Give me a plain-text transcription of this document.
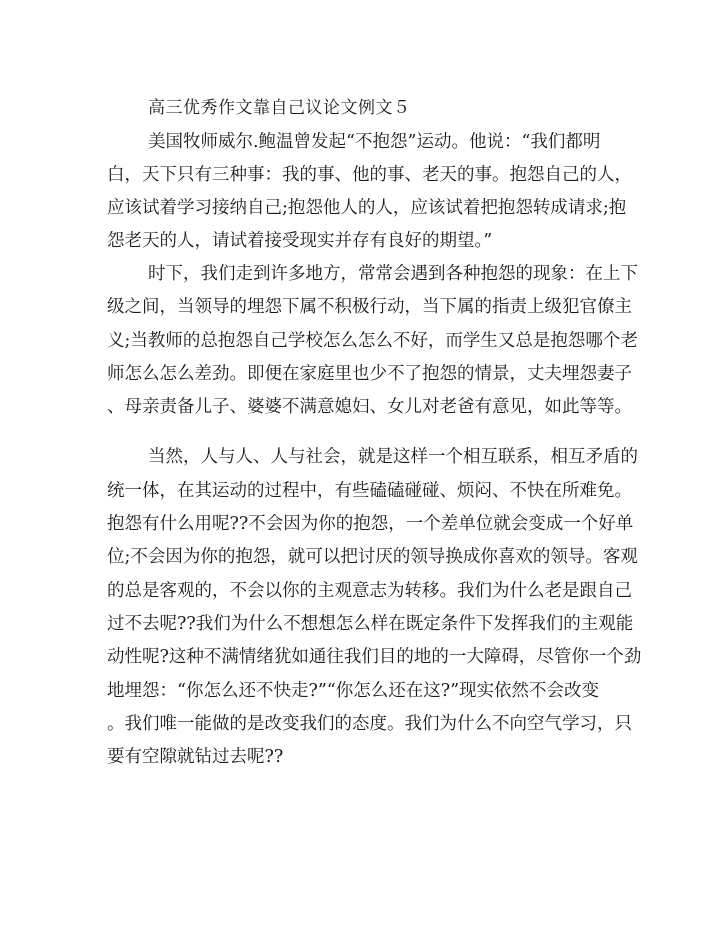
高三优秀作文靠自己议论文例文５
美国牧师威尔.鲍温曾发起“不抱怨”运动。他说：“我们都明
白，天下只有三种事：我的事、他的事、老天的事。抱怨自己的人，
应该试着学习接纳自己;抱怨他人的人，应该试着把抱怨转成请求;抱
怨老天的人，请试着接受现实并存有良好的期望。”
时下，我们走到许多地方，常常会遇到各种抱怨的现象：在上下
级之间，当领导的埋怨下属不积极行动，当下属的指责上级犯官僚主
义;当教师的总抱怨自己学校怎么怎么不好，而学生又总是抱怨哪个老
师怎么怎么差劲。即便在家庭里也少不了抱怨的情景，丈夫埋怨妻子
、母亲责备儿子、婆婆不满意媳妇、女儿对老爸有意见，如此等等。
当然，人与人、人与社会，就是这样一个相互联系，相互矛盾的
统一体，在其运动的过程中，有些磕磕碰碰、烦闷、不快在所难免。
抱怨有什么用呢??不会因为你的抱怨，一个差单位就会变成一个好单
位;不会因为你的抱怨，就可以把讨厌的领导换成你喜欢的领导。客观
的总是客观的，不会以你的主观意志为转移。我们为什么老是跟自己
过不去呢??我们为什么不想想怎么样在既定条件下发挥我们的主观能
动性呢?这种不满情绪犹如通往我们目的地的一大障碍，尽管你一个劲
地埋怨：“你怎么还不快走?”“你怎么还在这?”现实依然不会改变
。我们唯一能做的是改变我们的态度。我们为什么不向空气学习，只
要有空隙就钻过去呢??
